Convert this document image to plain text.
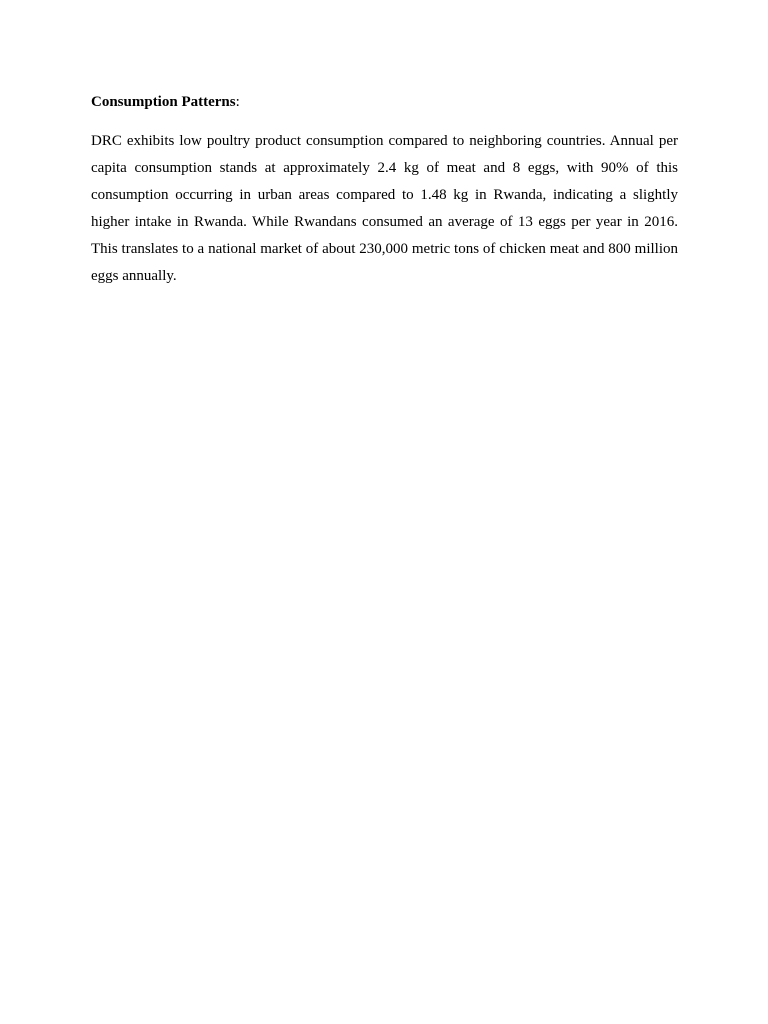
Consumption Patterns:

DRC exhibits low poultry product consumption compared to neighboring countries. Annual per capita consumption stands at approximately 2.4 kg of meat and 8 eggs, with 90% of this consumption occurring in urban areas compared to 1.48 kg in Rwanda, indicating a slightly higher intake in Rwanda. While Rwandans consumed an average of 13 eggs per year in 2016. This translates to a national market of about 230,000 metric tons of chicken meat and 800 million eggs annually.
